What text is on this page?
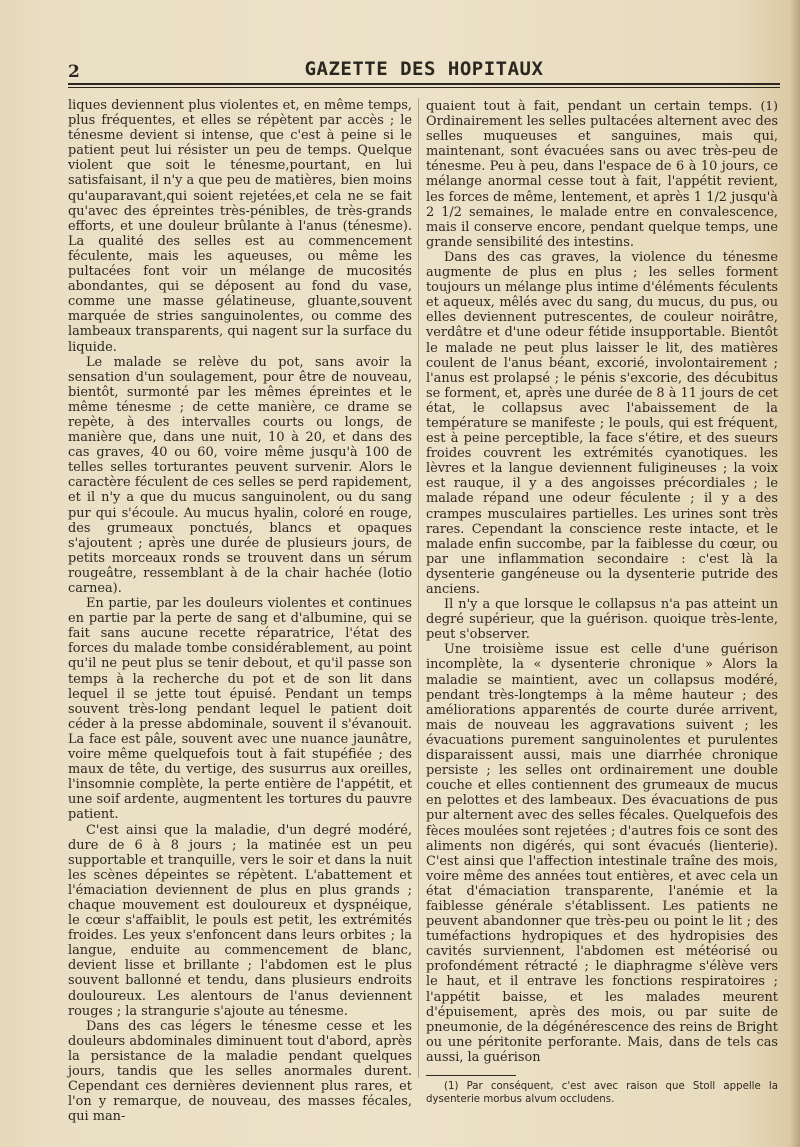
2	GAZETTE DES HOPITAUX

liques deviennent plus violentes et, en même temps, plus fréquentes, et elles se répètent par accès ; le ténesme devient si intense, que c'est à peine si le patient peut lui résister un peu de temps. Quelque violent que soit le ténesme,pourtant, en lui satisfaisant, il n'y a que peu de matières, bien moins qu'auparavant,qui soient rejetées,et cela ne se fait qu'avec des épreintes très-pénibles, de très-grands efforts, et une douleur brûlante à l'anus (ténesme). La qualité des selles est au commencement féculente, mais les aqueuses, ou même les pultacées font voir un mélange de mucosités abondantes, qui se déposent au fond du vase, comme une masse gélatineuse, gluante,souvent marquée de stries sanguinolentes, ou comme des lambeaux transparents, qui nagent sur la surface du liquide.

Le malade se relève du pot, sans avoir la sensation d'un soulagement, pour être de nouveau, bientôt, surmonté par les mêmes épreintes et le même ténesme ; de cette manière, ce drame se repète, à des intervalles courts ou longs, de manière que, dans une nuit, 10 à 20, et dans des cas graves, 40 ou 60, voire même jusqu'à 100 de telles selles torturantes peuvent survenir. Alors le caractère féculent de ces selles se perd rapidement, et il n'y a que du mucus sanguinolent, ou du sang pur qui s'écoule. Au mucus hyalin, coloré en rouge, des grumeaux ponctués, blancs et opaques s'ajoutent ; après une durée de plusieurs jours, de petits morceaux ronds se trouvent dans un sérum rougeâtre, ressemblant à de la chair hachée (lotio carnea).

En partie, par les douleurs violentes et continues en partie par la perte de sang et d'albumine, qui se fait sans aucune recette réparatrice, l'état des forces du malade tombe considérablement, au point qu'il ne peut plus se tenir debout, et qu'il passe son temps à la recherche du pot et de son lit dans lequel il se jette tout épuisé. Pendant un temps souvent très-long pendant lequel le patient doit céder à la presse abdominale, souvent il s'évanouit. La face est pâle, souvent avec une nuance jaunâtre, voire même quelquefois tout à fait stupéfiée ; des maux de tête, du vertige, des susurrus aux oreilles, l'insomnie complète, la perte entière de l'appétit, et une soif ardente, augmentent les tortures du pauvre patient.

C'est ainsi que la maladie, d'un degré modéré, dure de 6 à 8 jours ; la matinée est un peu supportable et tranquille, vers le soir et dans la nuit les scènes dépeintes se répètent. L'abattement et l'émaciation deviennent de plus en plus grands ; chaque mouvement est douloureux et dyspnéique, le cœur s'affaiblit, le pouls est petit, les extrémités froides. Les yeux s'enfoncent dans leurs orbites ; la langue, enduite au commencement de blanc, devient lisse et brillante ; l'abdomen est le plus souvent ballonné et tendu, dans plusieurs endroits douloureux. Les alentours de l'anus deviennent rouges ; la strangurie s'ajoute au ténesme.

Dans des cas légers le ténesme cesse et les douleurs abdominales diminuent tout d'abord, après la persistance de la maladie pendant quelques jours, tandis que les selles anormales durent. Cependant ces dernières deviennent plus rares, et l'on y remarque, de nouveau, des masses fécales, qui man-

quaient tout à fait, pendant un certain temps. (1) Ordinairement les selles pultacées alternent avec des selles muqueuses et sanguines, mais qui, maintenant, sont évacuées sans ou avec très-peu de ténesme. Peu à peu, dans l'espace de 6 à 10 jours, ce mélange anormal cesse tout à fait, l'appétit revient, les forces de même, lentement, et après 1 1/2 jusqu'à 2 1/2 semaines, le malade entre en convalescence, mais il conserve encore, pendant quelque temps, une grande sensibilité des intestins.

Dans des cas graves, la violence du ténesme augmente de plus en plus ; les selles forment toujours un mélange plus intime d'éléments féculents et aqueux, mêlés avec du sang, du mucus, du pus, ou elles deviennent putrescentes, de couleur noirâtre, verdâtre et d'une odeur fétide insupportable. Bientôt le malade ne peut plus laisser le lit, des matières coulent de l'anus béant, excorié, involontairement ; l'anus est prolapsé ; le pénis s'excorie, des décubitus se forment, et, après une durée de 8 à 11 jours de cet état, le collapsus avec l'abaissement de la température se manifeste ; le pouls, qui est fréquent, est à peine perceptible, la face s'étire, et des sueurs froides couvrent les extrémités cyanotiques. les lèvres et la langue deviennent fuligineuses ; la voix est rauque, il y a des angoisses précordiales ; le malade répand une odeur féculente ; il y a des crampes musculaires partielles. Les urines sont très rares. Cependant la conscience reste intacte, et le malade enfin succombe, par la faiblesse du cœur, ou par une inflammation secondaire : c'est là la dysenterie gangéneuse ou la dysenterie putride des anciens.

Il n'y a que lorsque le collapsus n'a pas atteint un degré supérieur, que la guérison. quoique très-lente, peut s'observer.

Une troisième issue est celle d'une guérison incomplète, la « dysenterie chronique » Alors la maladie se maintient, avec un collapsus modéré, pendant très-longtemps à la même hauteur ; des améliorations apparentés de courte durée arrivent, mais de nouveau les aggravations suivent ; les évacuations purement sanguinolentes et purulentes disparaissent aussi, mais une diarrhée chronique persiste ; les selles ont ordinairement une double couche et elles contiennent des grumeaux de mucus en pelottes et des lambeaux. Des évacuations de pus pur alternent avec des selles fécales. Quelquefois des fèces moulées sont rejetées ; d'autres fois ce sont des aliments non digérés, qui sont évacués (lienterie). C'est ainsi que l'affection intestinale traîne des mois, voire même des années tout entières, et avec cela un état d'émaciation transparente, l'anémie et la faiblesse générale s'établissent. Les patients ne peuvent abandonner que très-peu ou point le lit ; des tuméfactions hydropiques et des hydropisies des cavités surviennent, l'abdomen est météorisé ou profondément rétracté ; le diaphragme s'élève vers le haut, et il entrave les fonctions respiratoires ; l'appétit baisse, et les malades meurent d'épuisement, après des mois, ou par suite de pneumonie, de la dégénérescence des reins de Bright ou une péritonite perforante. Mais, dans de tels cas aussi, la guérison

(1) Par conséquent, c'est avec raison que Stoll appelle la dysenterie morbus alvum occludens.
